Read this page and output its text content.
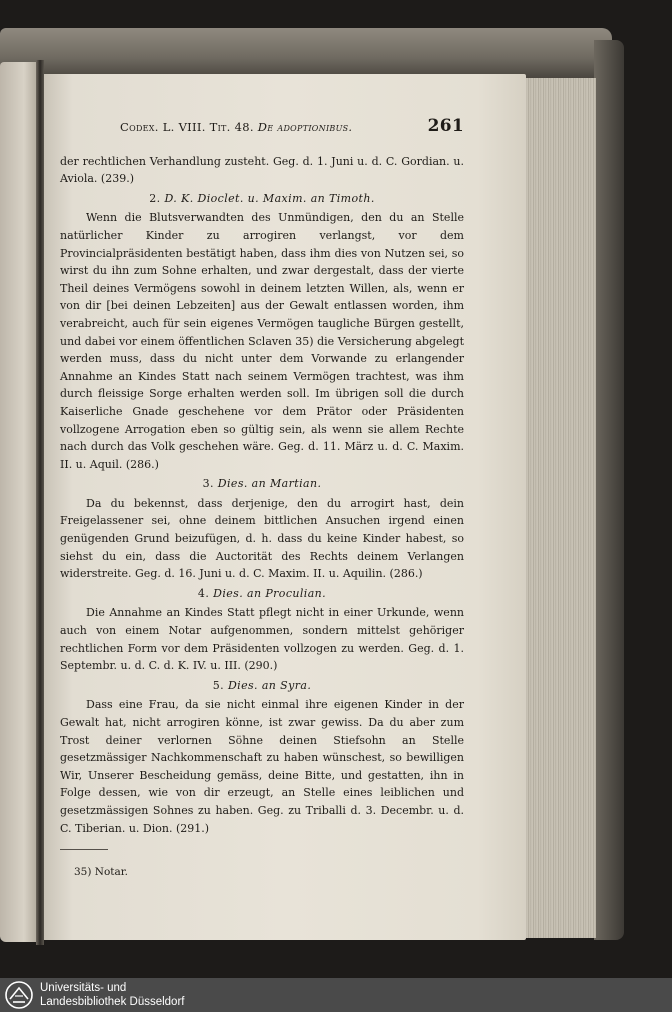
Codex. L. VIII. Tit. 48. De adoptionibus.	261

der rechtlichen Verhandlung zusteht. Geg. d. 1. Juni u. d. C. Gordian. u. Aviola. (239.)

2. D. K. Dioclet. u. Maxim. an Timoth.

Wenn die Blutsverwandten des Unmündigen, den du an Stelle natürlicher Kinder zu arrogiren verlangst, vor dem Provincialpräsidenten bestätigt haben, dass ihm dies von Nutzen sei, so wirst du ihn zum Sohne erhalten, und zwar dergestalt, dass der vierte Theil deines Vermögens sowohl in deinem letzten Willen, als, wenn er von dir [bei deinen Lebzeiten] aus der Gewalt entlassen worden, ihm verabreicht, auch für sein eigenes Vermögen taugliche Bürgen gestellt, und dabei vor einem öffentlichen Sclaven 35) die Versicherung abgelegt werden muss, dass du nicht unter dem Vorwande zu erlangender Annahme an Kindes Statt nach seinem Vermögen trachtest, was ihm durch fleissige Sorge erhalten werden soll. Im übrigen soll die durch Kaiserliche Gnade geschehene vor dem Prätor oder Präsidenten vollzogene Arrogation eben so gültig sein, als wenn sie allem Rechte nach durch das Volk geschehen wäre. Geg. d. 11. März u. d. C. Maxim. II. u. Aquil. (286.)

3. Dies. an Martian.

Da du bekennst, dass derjenige, den du arrogirt hast, dein Freigelassener sei, ohne deinem bittlichen Ansuchen irgend einen genügenden Grund beizufügen, d. h. dass du keine Kinder habest, so siehst du ein, dass die Auctorität des Rechts deinem Verlangen widerstreite. Geg. d. 16. Juni u. d. C. Maxim. II. u. Aquilin. (286.)

4. Dies. an Proculian.

Die Annahme an Kindes Statt pflegt nicht in einer Urkunde, wenn auch von einem Notar aufgenommen, sondern mittelst gehöriger rechtlichen Form vor dem Präsidenten vollzogen zu werden. Geg. d. 1. Septembr. u. d. C. d. K. IV. u. III. (290.)

5. Dies. an Syra.

Dass eine Frau, da sie nicht einmal ihre eigenen Kinder in der Gewalt hat, nicht arrogiren könne, ist zwar gewiss. Da du aber zum Trost deiner verlornen Söhne deinen Stiefsohn an Stelle gesetzmässiger Nachkommenschaft zu haben wünschest, so bewilligen Wir, Unserer Bescheidung gemäss, deine Bitte, und gestatten, ihn in Folge dessen, wie von dir erzeugt, an Stelle eines leiblichen und gesetzmässigen Sohnes zu haben. Geg. zu Triballi d. 3. Decembr. u. d. C. Tiberian. u. Dion. (291.)

35) Notar.
Universitäts- und
Landesbibliothek Düsseldorf
